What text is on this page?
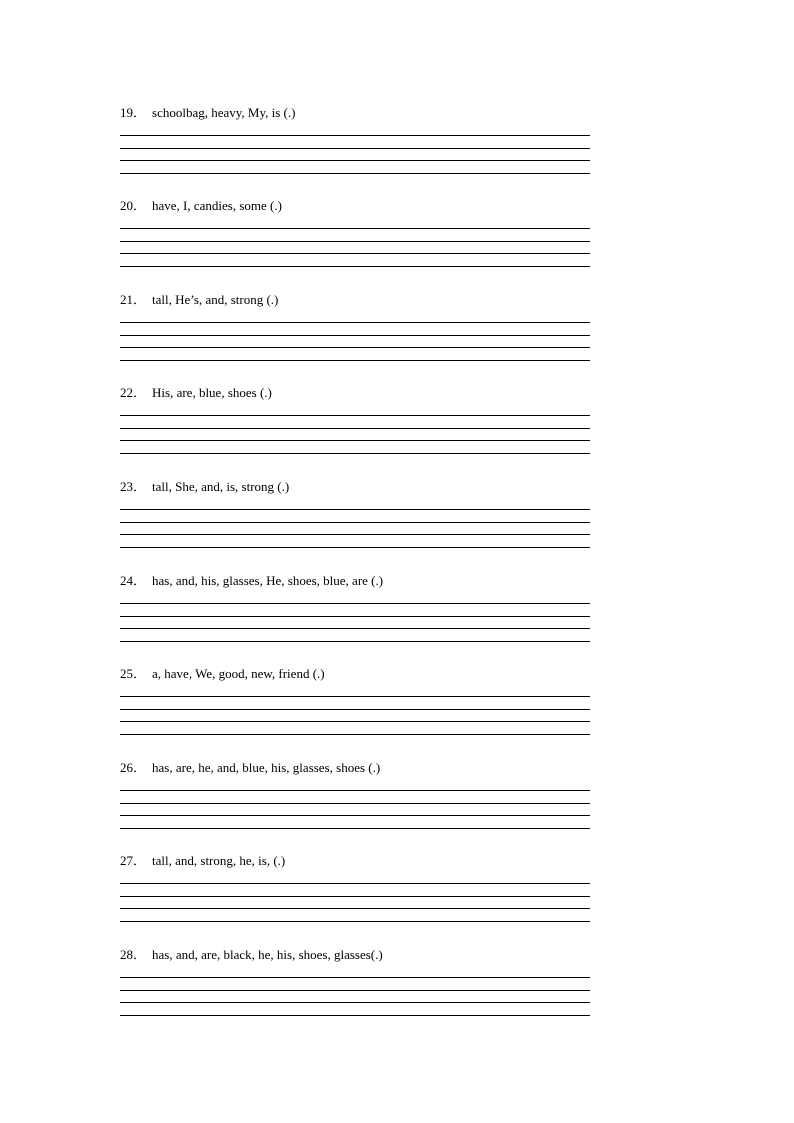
19． schoolbag, heavy, My, is (.)
20． have, I, candies, some (.)
21． tall, He’s, and, strong (.)
22． His, are, blue, shoes (.)
23． tall, She, and, is, strong (.)
24． has, and, his, glasses, He, shoes, blue, are (.)
25． a, have, We, good, new, friend (.)
26． has, are, he, and, blue, his, glasses, shoes (.)
27． tall, and, strong, he, is, (.)
28． has, and, are, black, he, his, shoes, glasses(.)
